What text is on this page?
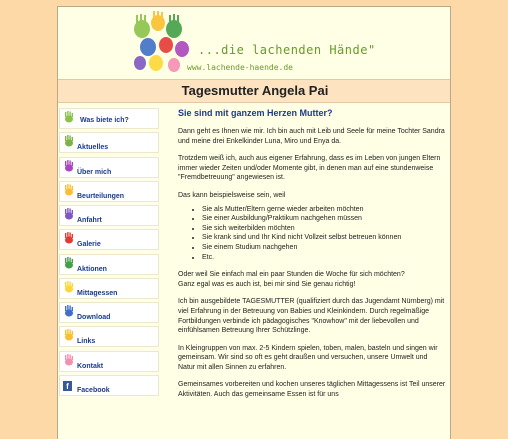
...die lachenden Hände"
www.lachende-haende.de
Tagesmutter Angela Pai
Was biete ich?
Aktuelles
Über mich
Beurteilungen
Anfahrt
Galerie
Aktionen
Mittagessen
Download
Links
Kontakt
f	Facebook
Sie sind mit ganzem Herzen Mutter?

Dann geht es Ihnen wie mir. Ich bin auch mit Leib und Seele für meine Tochter Sandra und meine drei Enkelkinder Luna, Miro und Enya da.

Trotzdem weiß ich, auch aus eigener Erfahrung, dass es im Leben von jungen Eltern immer wieder Zeiten und/oder Momente gibt, in denen man auf eine stundenweise "Fremdbetreuung" angewiesen ist.

Das kann beispielsweise sein, weil

• Sie als Mutter/Eltern gerne wieder arbeiten möchten
• Sie einer Ausbildung/Praktikum nachgehen müssen
• Sie sich weiterbilden möchten
• Sie krank sind und Ihr Kind nicht Vollzeit selbst betreuen können
• Sie einem Studium nachgehen
• Etc.

Oder weil Sie einfach mal ein paar Stunden die Woche für sich möchten?
Ganz egal was es auch ist, bei mir sind Sie genau richtig!

Ich bin ausgebildete TAGESMUTTER (qualifiziert durch das Jugendamt Nürnberg) mit viel Erfahrung in der Betreuung von Babies und Kleinkindern. Durch regelmäßige Fortbildungen verbinde ich pädagogisches "Knowhow" mit der liebevollen und einfühlsamen Betreuung Ihrer Schützlinge.

In Kleingruppen von max. 2-5 Kindern spielen, toben, malen, basteln und singen wir gemeinsam. Wir sind so oft es geht draußen und versuchen, unsere Umwelt und Natur mit allen Sinnen zu erfahren.

Gemeinsames vorbereiten und kochen unseres täglichen Mittagessens ist Teil unserer Aktivitäten. Auch das gemeinsame Essen ist für uns
